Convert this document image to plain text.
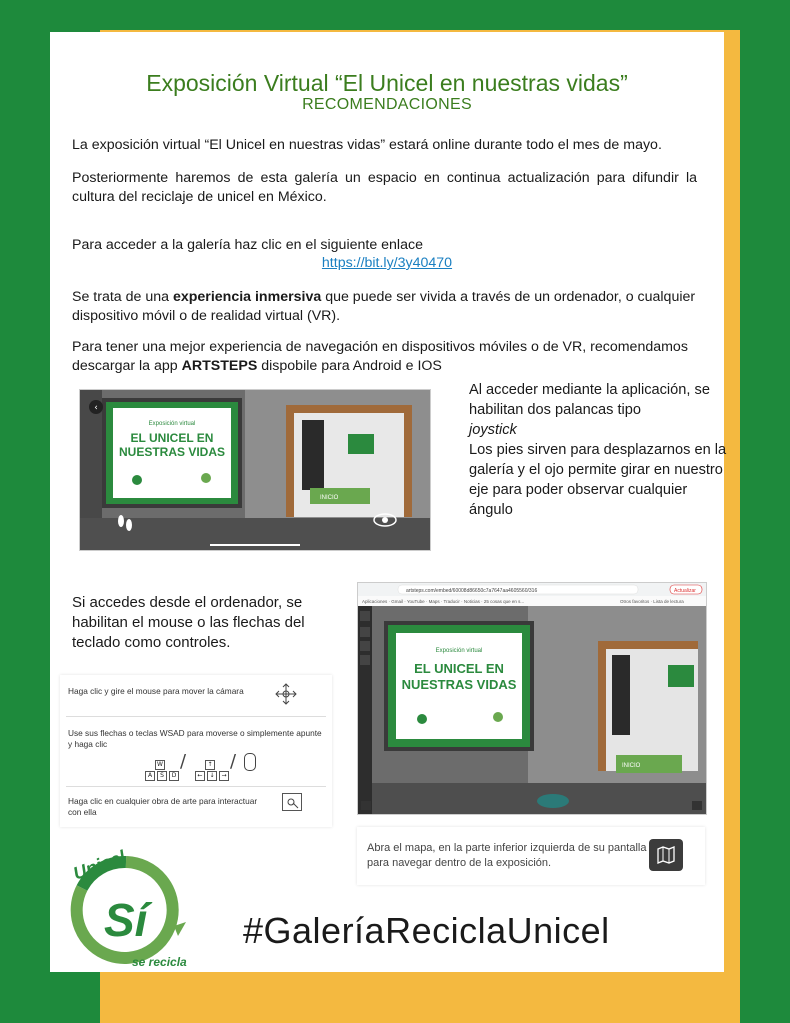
Exposición Virtual “El Unicel en nuestras vidas”
RECOMENDACIONES
La exposición virtual “El Unicel en nuestras vidas” estará online durante todo el mes de mayo.
Posteriormente haremos de esta galería un espacio en continua actualización para difundir la cultura del reciclaje de unicel en México.
Para acceder a la galería haz clic en el siguiente enlace
https://bit.ly/3y40470
Se trata de una experiencia inmersiva que puede ser vivida a través de un ordenador, o cualquier dispositivo móvil o de realidad virtual (VR).
Para tener una mejor experiencia de navegación en dispositivos móviles o de VR, recomendamos descargar la app ARTSTEPS dispobile para Android e IOS
Exposición virtual
EL UNICEL EN
NUESTRAS VIDAS
INICIO
‹
Al acceder mediante la aplicación, se habilitan dos palancas tipo
joystick
Los pies sirven para desplazarnos en la galería y el ojo permite girar en nuestro eje para poder observar cualquier ángulo
Si accedes desde el ordenador, se habilitan el mouse o las flechas del teclado como controles.
artsteps.com/embed/60008d86650c7a7647aa4605560/316	Actualizar
Aplicaciones · Gmail · YouTube · Maps · Traducir · Noticias · 25 cosas que en s...	Otros favoritos · Lista de lectura
Exposición virtual
EL UNICEL EN
NUESTRAS VIDAS
INICIO
Haga clic y gire el mouse para mover la cámara
Use sus flechas o teclas WSAD para moverse o simplemente apunte y haga clic
W
A S D
/	↑
← ↓ →
/
Haga clic en cualquier obra de arte para interactuar con ella
Abra el mapa, en la parte inferior izquierda de su pantalla para navegar dentro de la exposición.
Unicel
Sí
se recicla
#GaleríaReciclaUnicel
